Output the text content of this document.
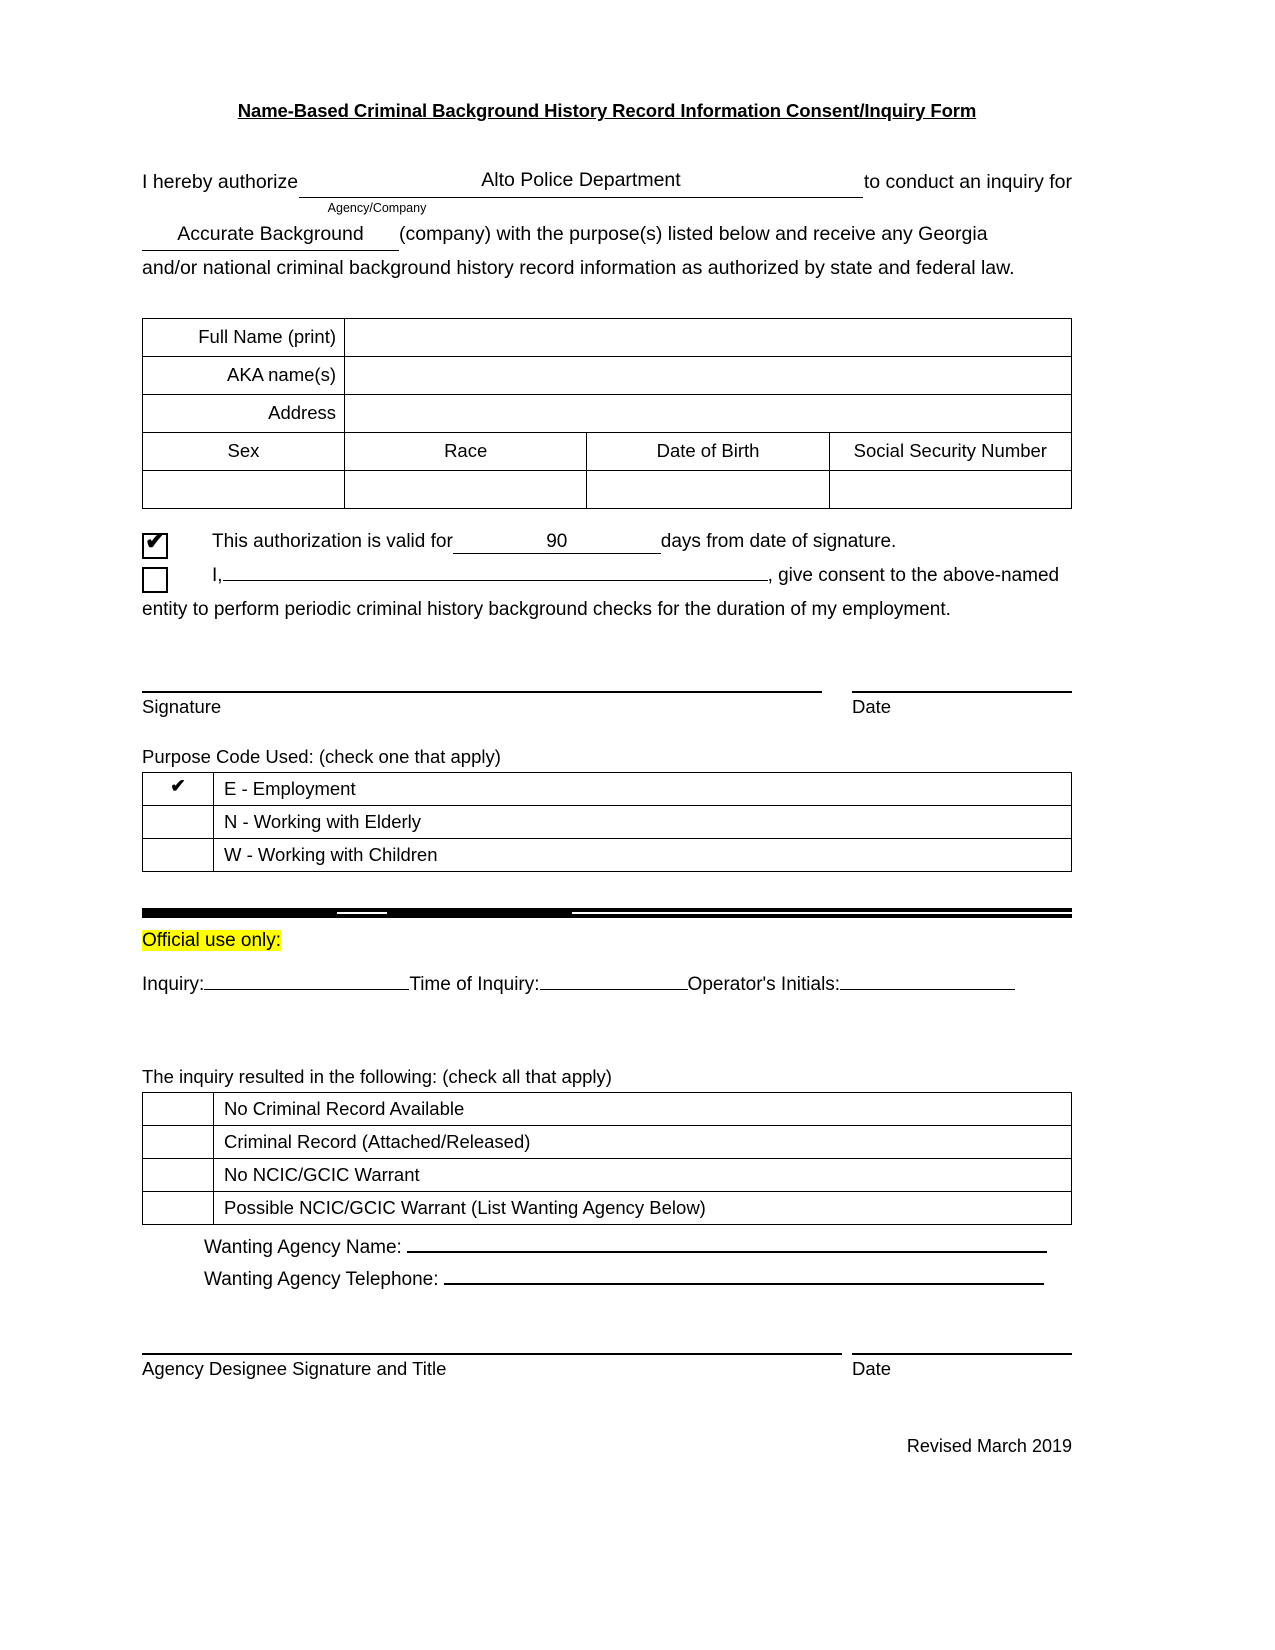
Name-Based Criminal Background History Record Information Consent/Inquiry Form
I hereby authorize	Alto Police Department	to conduct an inquiry for
Agency/Company
Accurate Background (company) with the purpose(s) listed below and receive any Georgia
and/or national criminal background history record information as authorized by state and federal law.
Full Name (print)			
AKA name(s)			
Address			
Sex	Race	Date of Birth	Social Security Number

✔
This authorization is valid for	90	days from date of signature.
I,	, give consent to the above-named
entity to perform periodic criminal history background checks for the duration of my employment.
Signature	Date
Purpose Code Used: (check one that apply)
✔	E - Employment
	N - Working with Elderly
	W - Working with Children
Official use only:
Inquiry:	Time of Inquiry:	Operator's Initials:
The inquiry resulted in the following: (check all that apply)
	No Criminal Record Available
	Criminal Record (Attached/Released)
	No NCIC/GCIC Warrant
	Possible NCIC/GCIC Warrant (List Wanting Agency Below)
Wanting Agency Name:
Wanting Agency Telephone:
Agency Designee Signature and Title	Date
Revised March 2019
